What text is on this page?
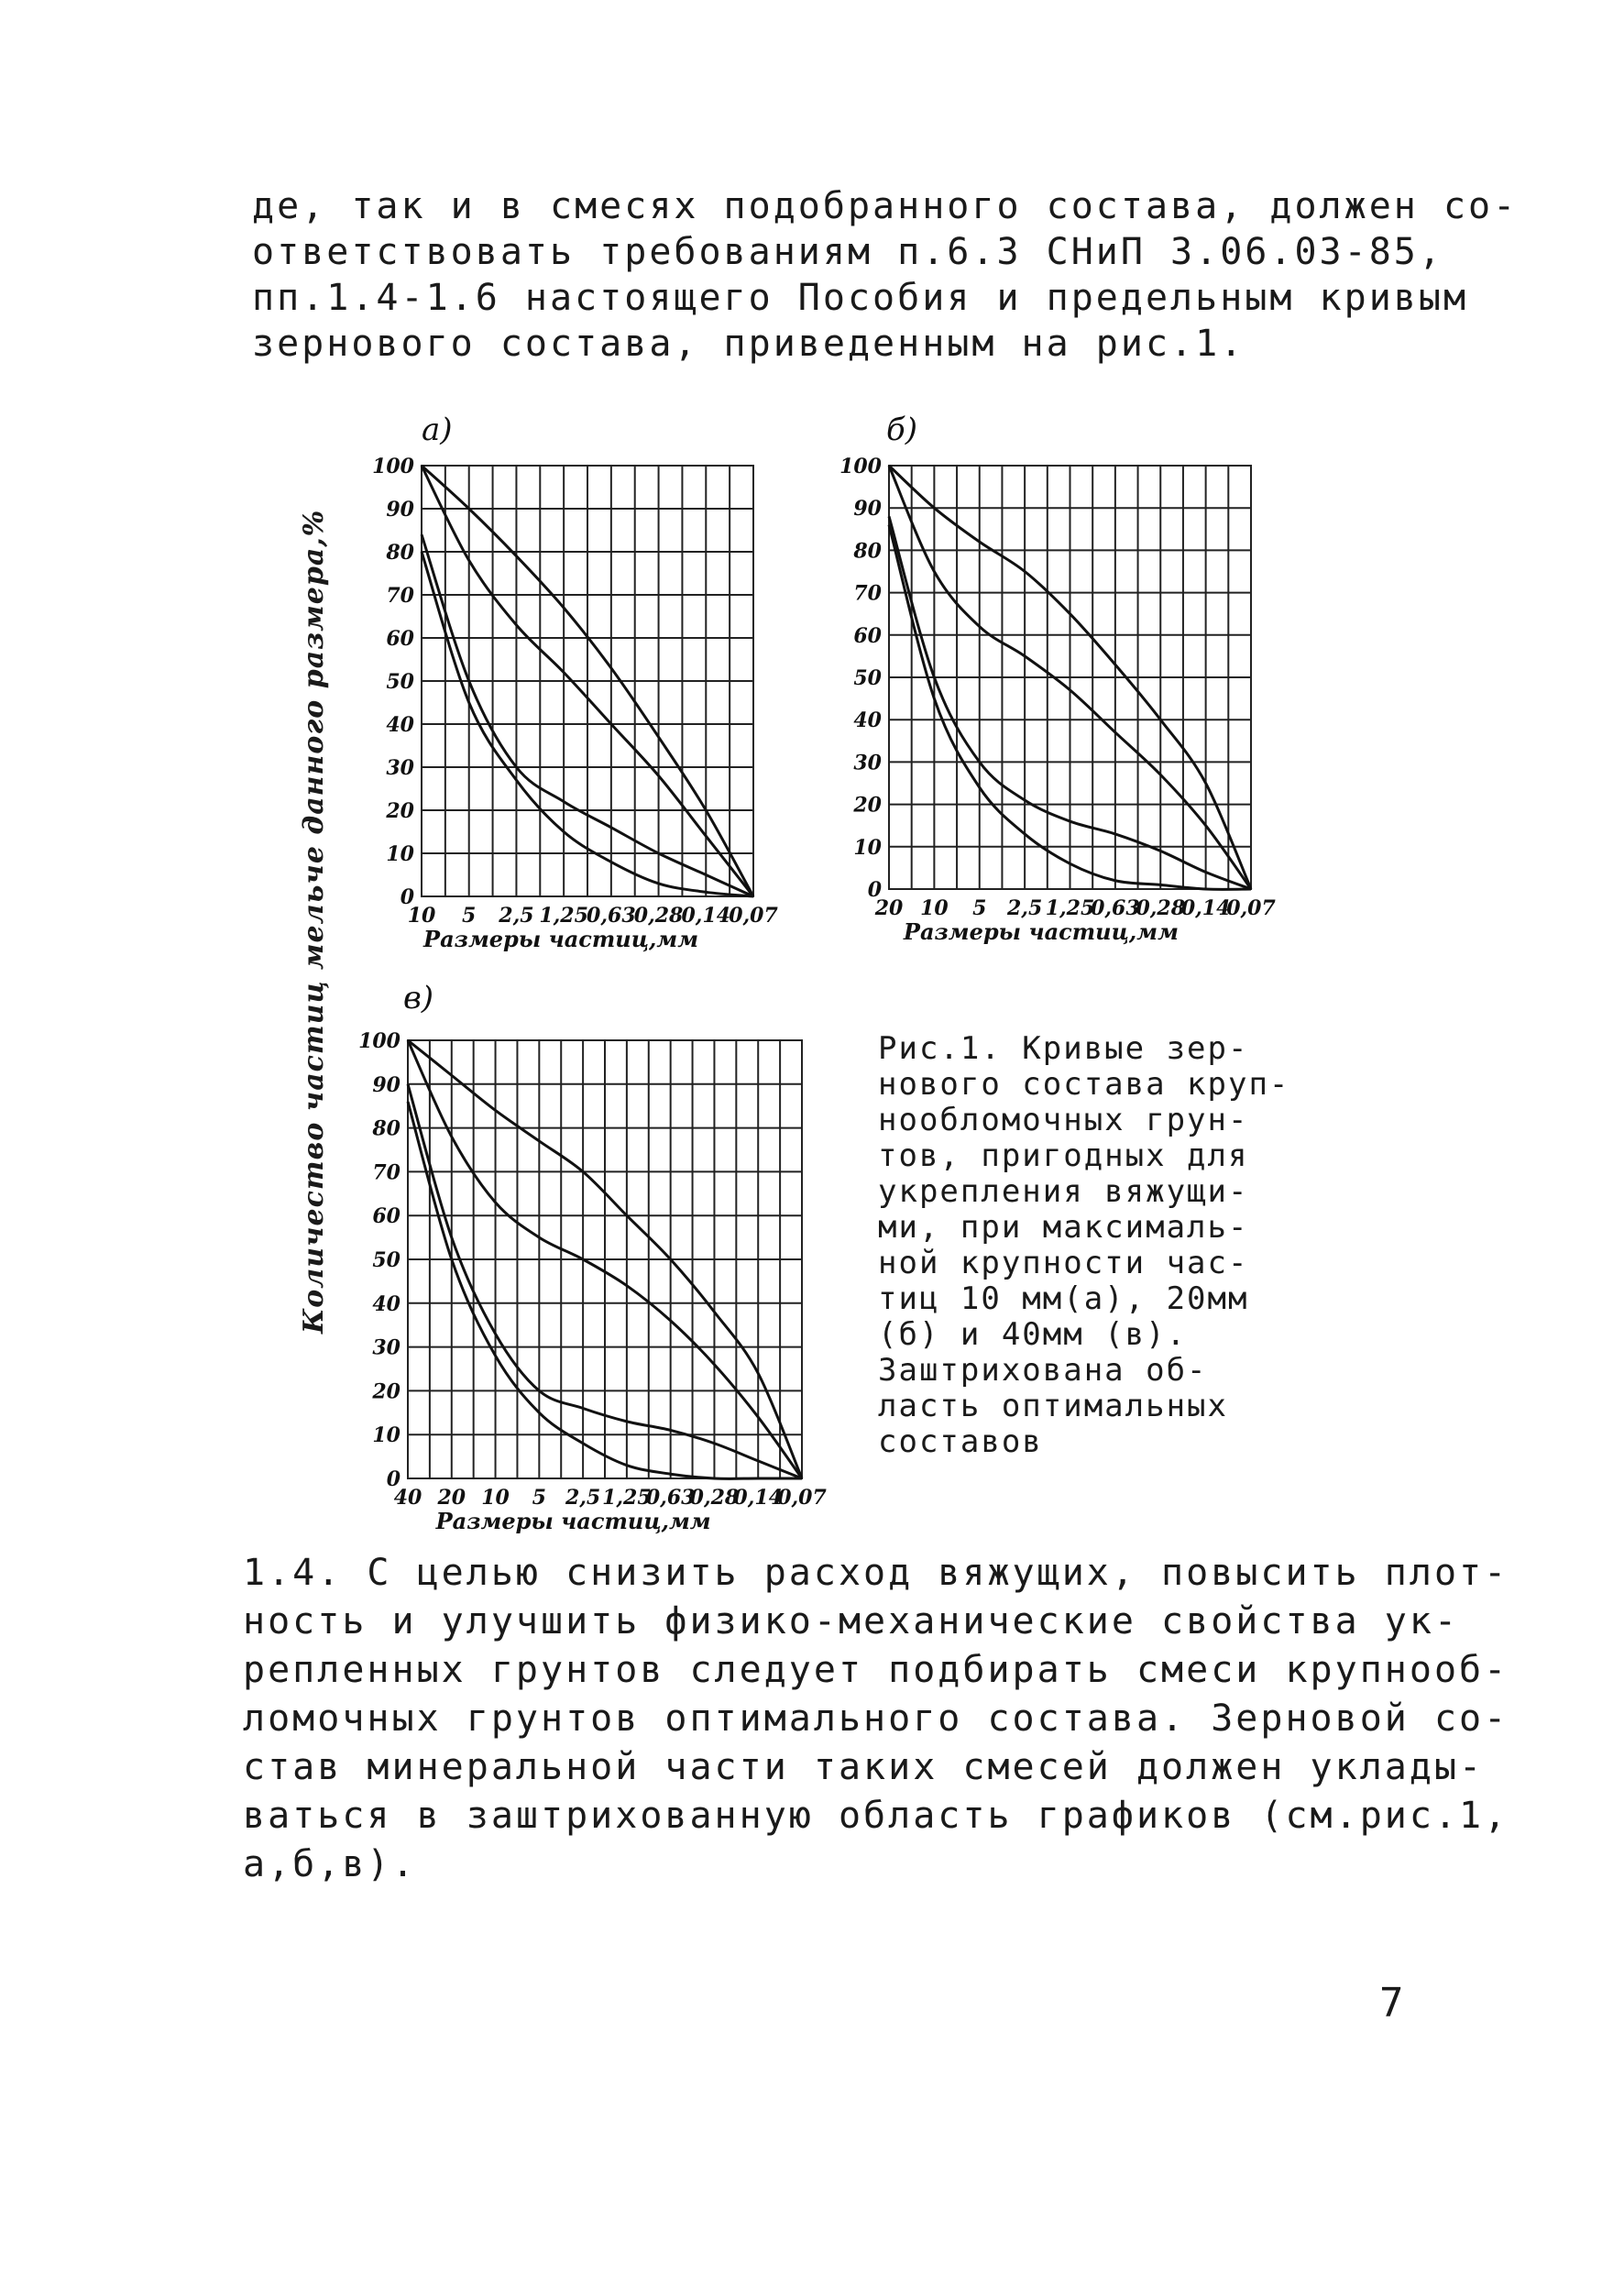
де, так и в смесях подобранного состава, должен со-
ответствовать требованиям п.6.3 СНиП 3.06.03-85,
пп.1.4-1.6 настоящего Пособия и предельным кривым
зернового состава, приведенным на рис.1.
Количество частиц мельче данного размера,%
100
90
80
70
60
50
40
30
20
10
0
10 5 2,5 1,25
0,63
0,28
0,14
0,07
Размеры частиц,мм
а)
100
90
80
70
60
50
40
30
20
10
0
20 10 5 2,5 1,25
0,63
0,28
0,14
0,07
Размеры частиц,мм
б)
100
90
80
70
60
50
40
30
20
10
0
40 20 10 5 2,5 1,25
0,63
0,28
0,14
0,07
Размеры частиц,мм
в)
Рис.1. Кривые зер-
нового состава круп-
нообломочных грун-
тов, пригодных для
укрепления вяжущи-
ми, при максималь-
ной крупности час-
тиц 10 мм(а), 20мм
(б) и 40мм (в).
Заштрихована об-
ласть оптимальных
составов
1.4. С целью снизить расход вяжущих, повысить плот-
ность и улучшить физико-механические свойства ук-
репленных грунтов следует подбирать смеси крупнооб-
ломочных грунтов оптимального состава. Зерновой со-
став минеральной части таких смесей должен уклады-
ваться в заштрихованную область графиков (см.рис.1,
а,б,в).
7
